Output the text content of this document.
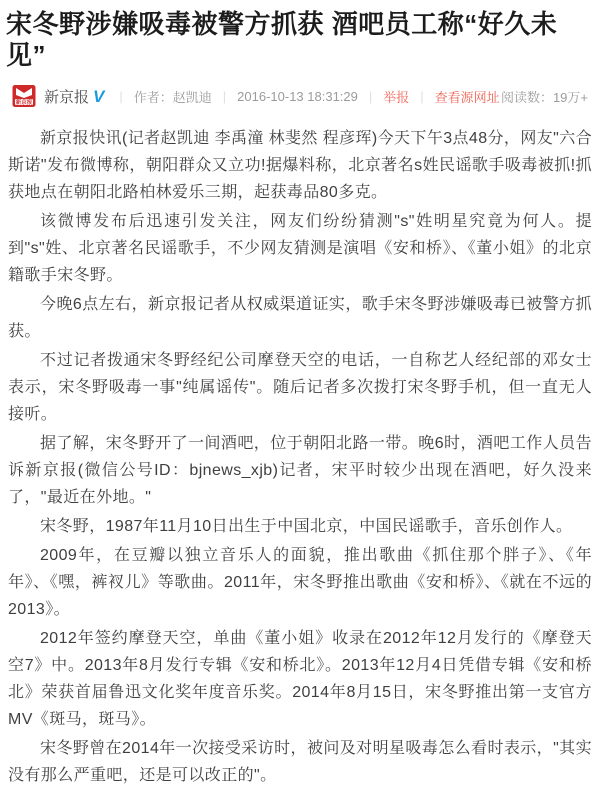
宋冬野涉嫌吸毒被警方抓获 酒吧员工称“好久未见”
新京报 新京报 V | 作者：赵凯迪 | 2016-10-13 18:31:29 | 举报 | 查看源网址 阅读数：19万+

新京报快讯(记者赵凯迪 李禹潼 林斐然 程彦珲)今天下午3点48分，网友"六合斯诺"发布微博称，朝阳群众又立功!据爆料称，北京著名s姓民谣歌手吸毒被抓!抓获地点在朝阳北路柏林爱乐三期，起获毒品80多克。

该微博发布后迅速引发关注，网友们纷纷猜测"s"姓明星究竟为何人。提到"s"姓、北京著名民谣歌手，不少网友猜测是演唱《安和桥》、《董小姐》的北京籍歌手宋冬野。

今晚6点左右，新京报记者从权威渠道证实，歌手宋冬野涉嫌吸毒已被警方抓获。

不过记者拨通宋冬野经纪公司摩登天空的电话，一自称艺人经纪部的邓女士表示，宋冬野吸毒一事"纯属谣传"。随后记者多次拨打宋冬野手机，但一直无人接听。

据了解，宋冬野开了一间酒吧，位于朝阳北路一带。晚6时，酒吧工作人员告诉新京报(微信公号ID：bjnews_xjb)记者，宋平时较少出现在酒吧，好久没来了，"最近在外地。"

宋冬野，1987年11月10日出生于中国北京，中国民谣歌手，音乐创作人。

2009年，在豆瓣以独立音乐人的面貌，推出歌曲《抓住那个胖子》、《年年》、《嘿，裤衩儿》等歌曲。2011年，宋冬野推出歌曲《安和桥》、《就在不远的2013》。

2012年签约摩登天空，单曲《董小姐》收录在2012年12月发行的《摩登天空7》中。2013年8月发行专辑《安和桥北》。2013年12月4日凭借专辑《安和桥北》荣获首届鲁迅文化奖年度音乐奖。2014年8月15日，宋冬野推出第一支官方MV《斑马，斑马》。

宋冬野曾在2014年一次接受采访时，被问及对明星吸毒怎么看时表示，"其实没有那么严重吧，还是可以改正的"。
